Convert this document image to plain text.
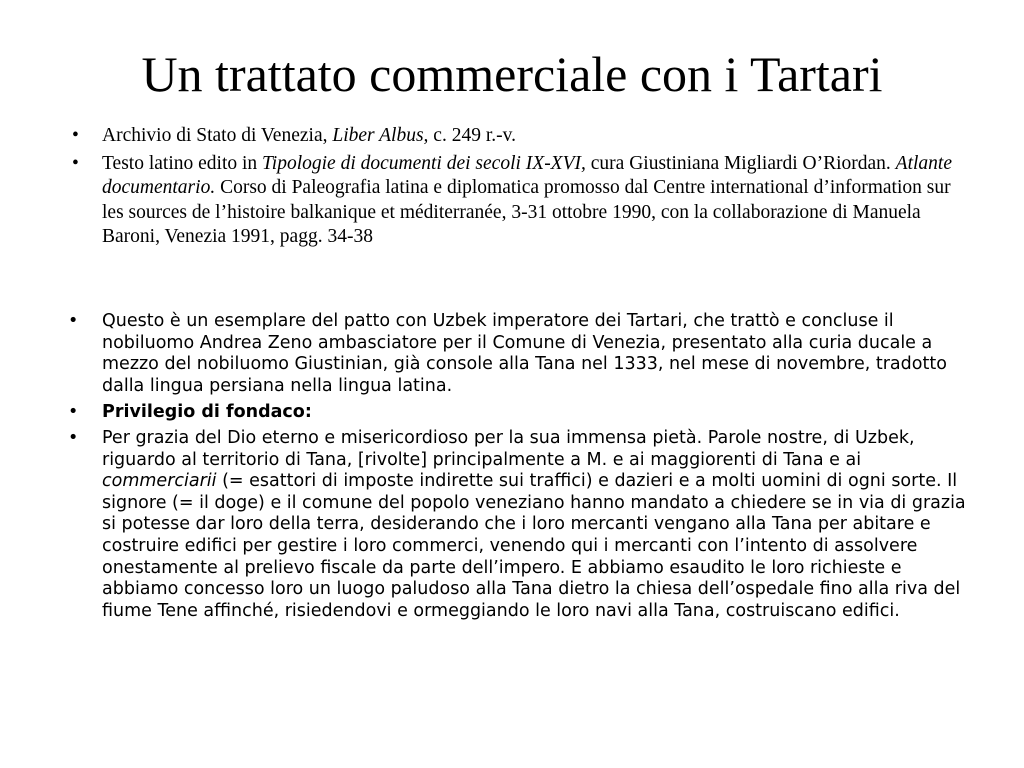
Un trattato commerciale con i Tartari
• Archivio di Stato di Venezia, Liber Albus, c. 249 r.-v.
• Testo latino edito in Tipologie di documenti dei secoli IX-XVI, cura Giustiniana Migliardi O’Riordan. Atlante documentario. Corso di Paleografia latina e diplomatica promosso dal Centre international d’information sur les sources de l’histoire balkanique et méditerranée, 3-31 ottobre 1990, con la collaborazione di Manuela Baroni, Venezia 1991, pagg. 34-38
• Questo è un esemplare del patto con Uzbek imperatore dei Tartari, che trattò e concluse il nobiluomo Andrea Zeno ambasciatore per il Comune di Venezia, presentato alla curia ducale a mezzo del nobiluomo Giustinian, già console alla Tana nel 1333, nel mese di novembre, tradotto dalla lingua persiana nella lingua latina.
• Privilegio di fondaco:
• Per grazia del Dio eterno e misericordioso per la sua immensa pietà. Parole nostre, di Uzbek, riguardo al territorio di Tana, [rivolte] principalmente a M. e ai maggiorenti di Tana e ai commerciarii (= esattori di imposte indirette sui traffici) e dazieri e a molti uomini di ogni sorte. Il signore (= il doge) e il comune del popolo veneziano hanno mandato a chiedere se in via di grazia si potesse dar loro della terra, desiderando che i loro mercanti vengano alla Tana per abitare e costruire edifici per gestire i loro commerci, venendo qui i mercanti con l’intento di assolvere onestamente al prelievo fiscale da parte dell’impero. E abbiamo esaudito le loro richieste e abbiamo concesso loro un luogo paludoso alla Tana dietro la chiesa dell’ospedale fino alla riva del fiume Tene affinché, risiedendovi e ormeggiando le loro navi alla Tana, costruiscano edifici.
